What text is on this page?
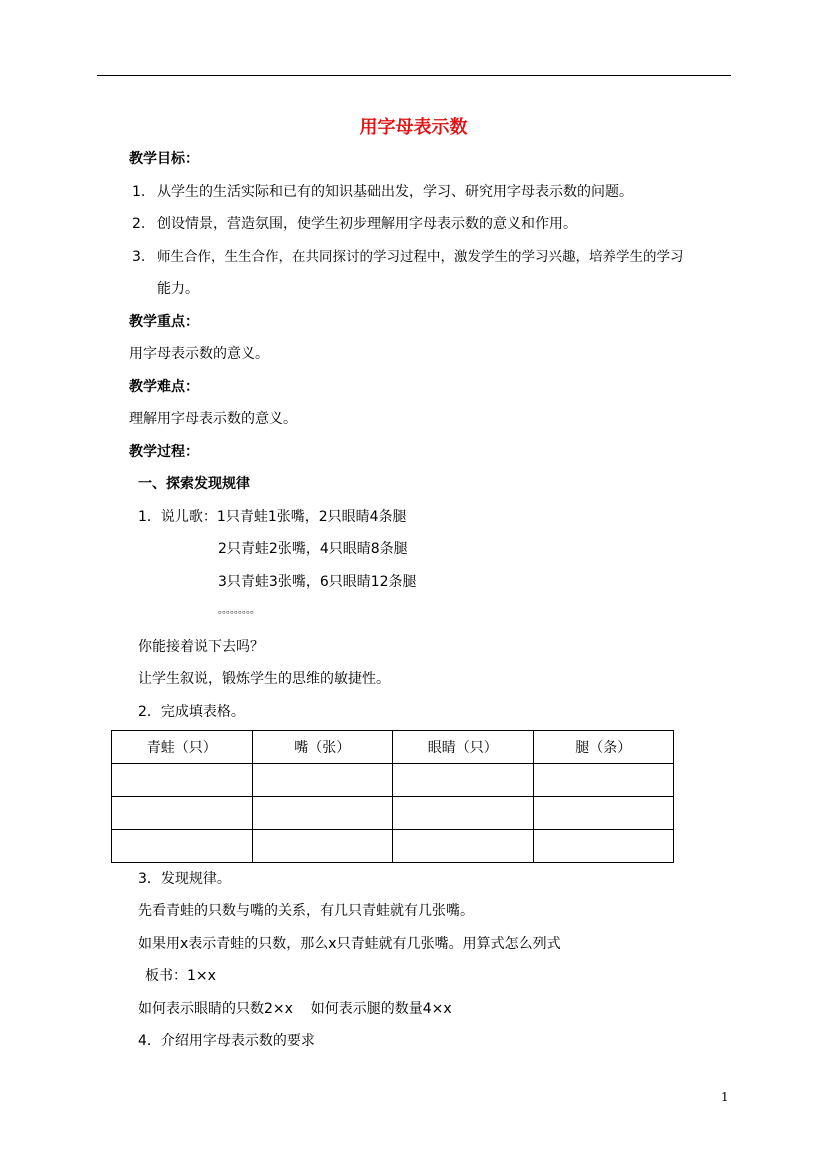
用字母表示数
教学目标：
1. 从学生的生活实际和已有的知识基础出发，学习、研究用字母表示数的问题。
2. 创设情景，营造氛围，使学生初步理解用字母表示数的意义和作用。
3. 师生合作，生生合作，在共同探讨的学习过程中，激发学生的学习兴趣，培养学生的学习
能力。
教学重点：
用字母表示数的意义。
教学难点：
理解用字母表示数的意义。
教学过程：
一、探索发现规律
1．说儿歌：1只青蛙1张嘴，2只眼睛4条腿
2只青蛙2张嘴，4只眼睛8条腿
3只青蛙3张嘴，6只眼睛12条腿
。。。。。。。。。
你能接着说下去吗？
让学生叙说，锻炼学生的思维的敏捷性。
2．完成填表格。
青蛙（只）	嘴（张）	眼睛（只）	腿（条）

3．发现规律。
先看青蛙的只数与嘴的关系，有几只青蛙就有几张嘴。
如果用x表示青蛙的只数，那么x只青蛙就有几张嘴。用算式怎么列式
板书：1×x
如何表示眼睛的只数2×x    如何表示腿的数量4×x
4．介绍用字母表示数的要求
1
